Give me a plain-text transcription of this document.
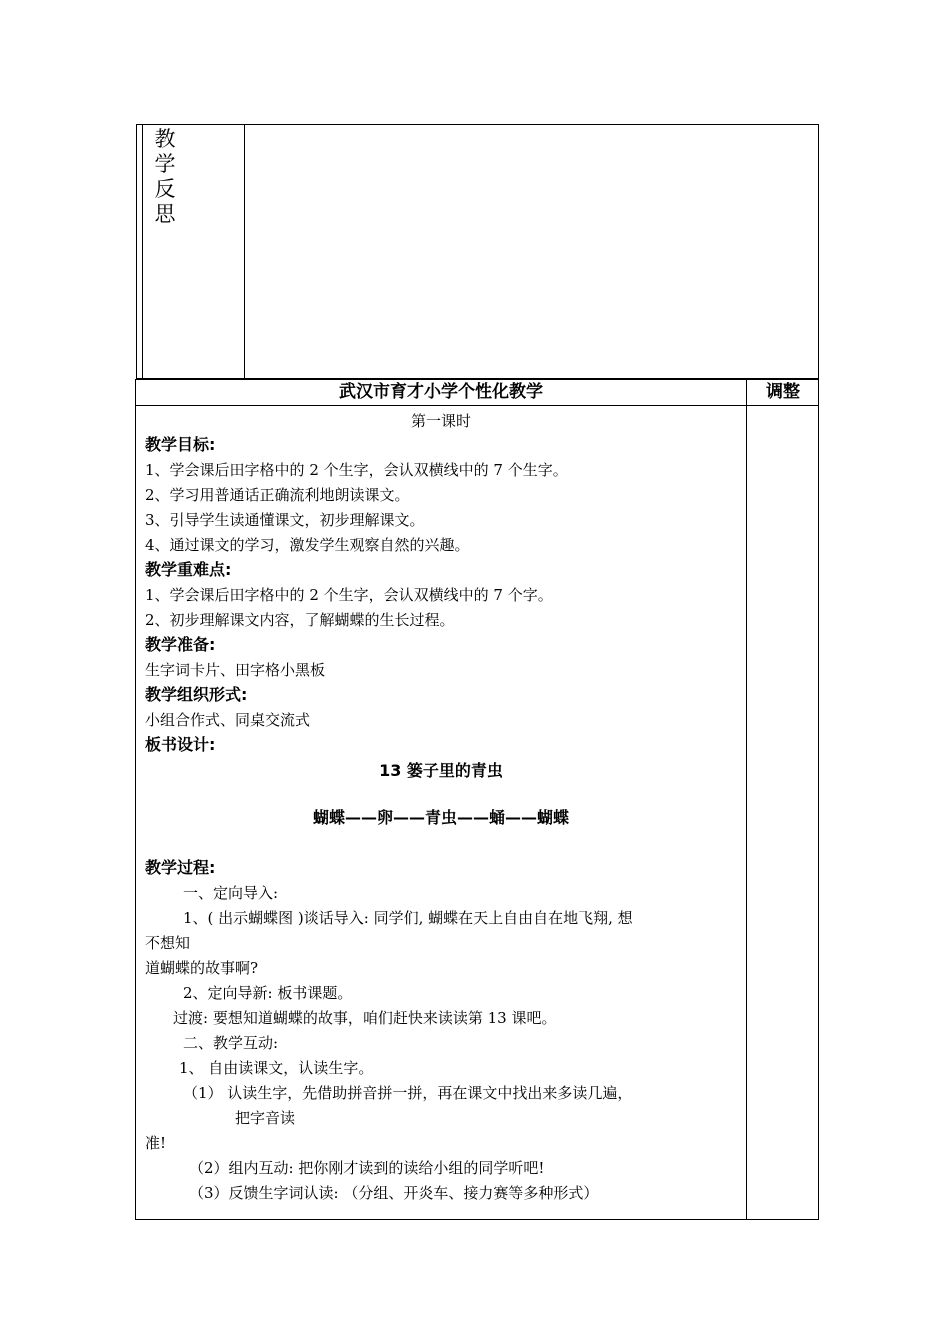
教
学
反
思
武汉市育才小学个性化教学	调整
第一课时
教学目标:
1、学会课后田字格中的 2 个生字，会认双横线中的 7 个生字。
2、学习用普通话正确流利地朗读课文。
3、引导学生读通懂课文，初步理解课文。
4、通过课文的学习，激发学生观察自然的兴趣。
教学重难点:
1、学会课后田字格中的 2 个生字，会认双横线中的 7 个字。
2、初步理解课文内容，了解蝴蝶的生长过程。
教学准备:
生字词卡片、田字格小黑板
教学组织形式:
小组合作式、同桌交流式
板书设计:
13 篓子里的青虫
蝴蝶——卵——青虫——蛹——蝴蝶
教学过程:
一、定向导入:
1、( 出示蝴蝶图 )谈话导入: 同学们, 蝴蝶在天上自由自在地飞翔, 想
不想知
道蝴蝶的故事啊?
2、定向导新: 板书课题。
过渡: 要想知道蝴蝶的故事，咱们赶快来读读第 13 课吧。
二、教学互动:
1、 自由读课文，认读生字。
（1） 认读生字，先借助拼音拼一拼，再在课文中找出来多读几遍，
把字音读
准!
（2）组内互动: 把你刚才读到的读给小组的同学听吧!
（3）反馈生字词认读: （分组、开炎车、接力赛等多种形式）
